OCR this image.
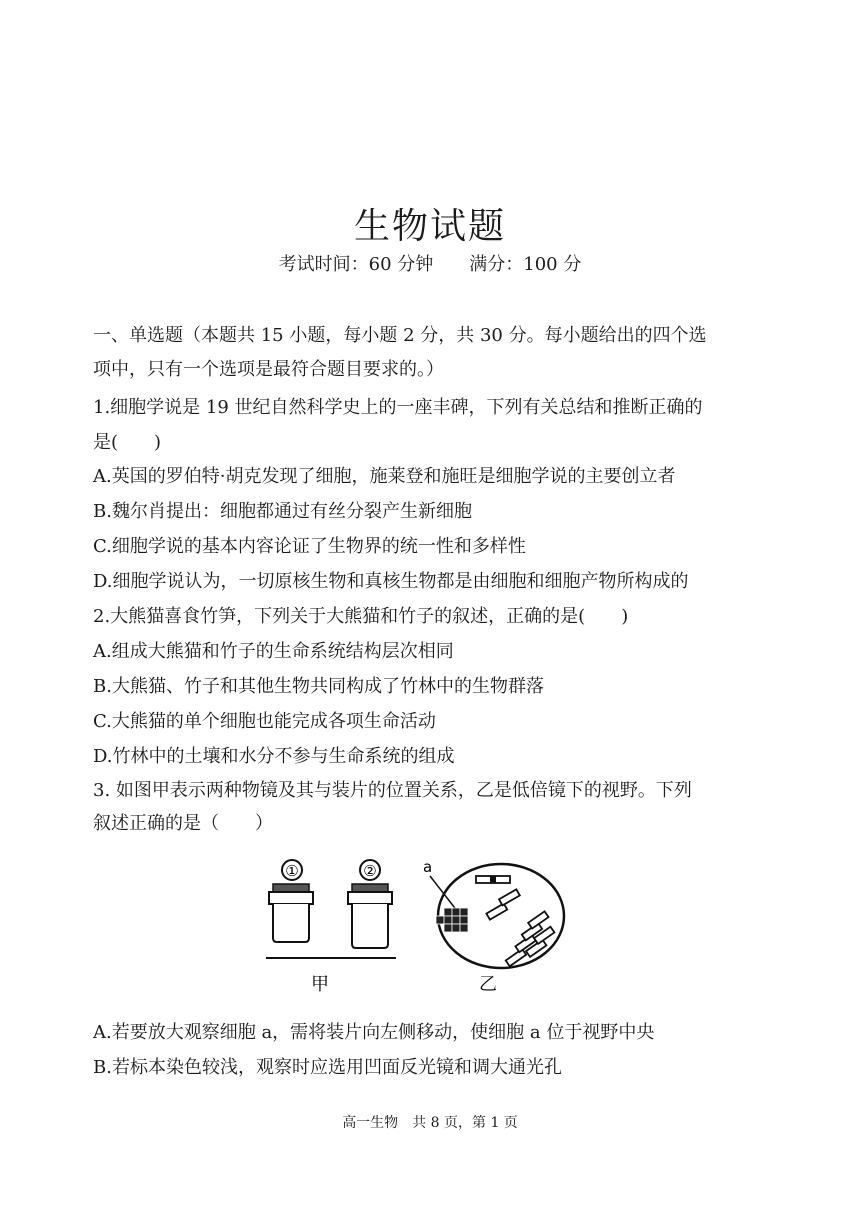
生物试题
考试时间：60 分钟 满分：100 分
一、单选题（本题共 15 小题，每小题 2 分，共 30 分。每小题给出的四个选
项中，只有一个选项是最符合题目要求的。）
1.细胞学说是 19 世纪自然科学史上的一座丰碑，下列有关总结和推断正确的
是(　　)
A.英国的罗伯特·胡克发现了细胞，施莱登和施旺是细胞学说的主要创立者
B.魏尔肖提出：细胞都通过有丝分裂产生新细胞
C.细胞学说的基本内容论证了生物界的统一性和多样性
D.细胞学说认为，一切原核生物和真核生物都是由细胞和细胞产物所构成的
2.大熊猫喜食竹笋，下列关于大熊猫和竹子的叙述，正确的是(　　)
A.组成大熊猫和竹子的生命系统结构层次相同
B.大熊猫、竹子和其他生物共同构成了竹林中的生物群落
C.大熊猫的单个细胞也能完成各项生命活动
D.竹林中的土壤和水分不参与生命系统的组成
3. 如图甲表示两种物镜及其与装片的位置关系，乙是低倍镜下的视野。下列
叙述正确的是（　　）
①	②
甲
a
乙
A.若要放大观察细胞 a，需将装片向左侧移动，使细胞 a 位于视野中央
B.若标本染色较浅，观察时应选用凹面反光镜和调大通光孔
高一生物　共 8 页，第 1 页
